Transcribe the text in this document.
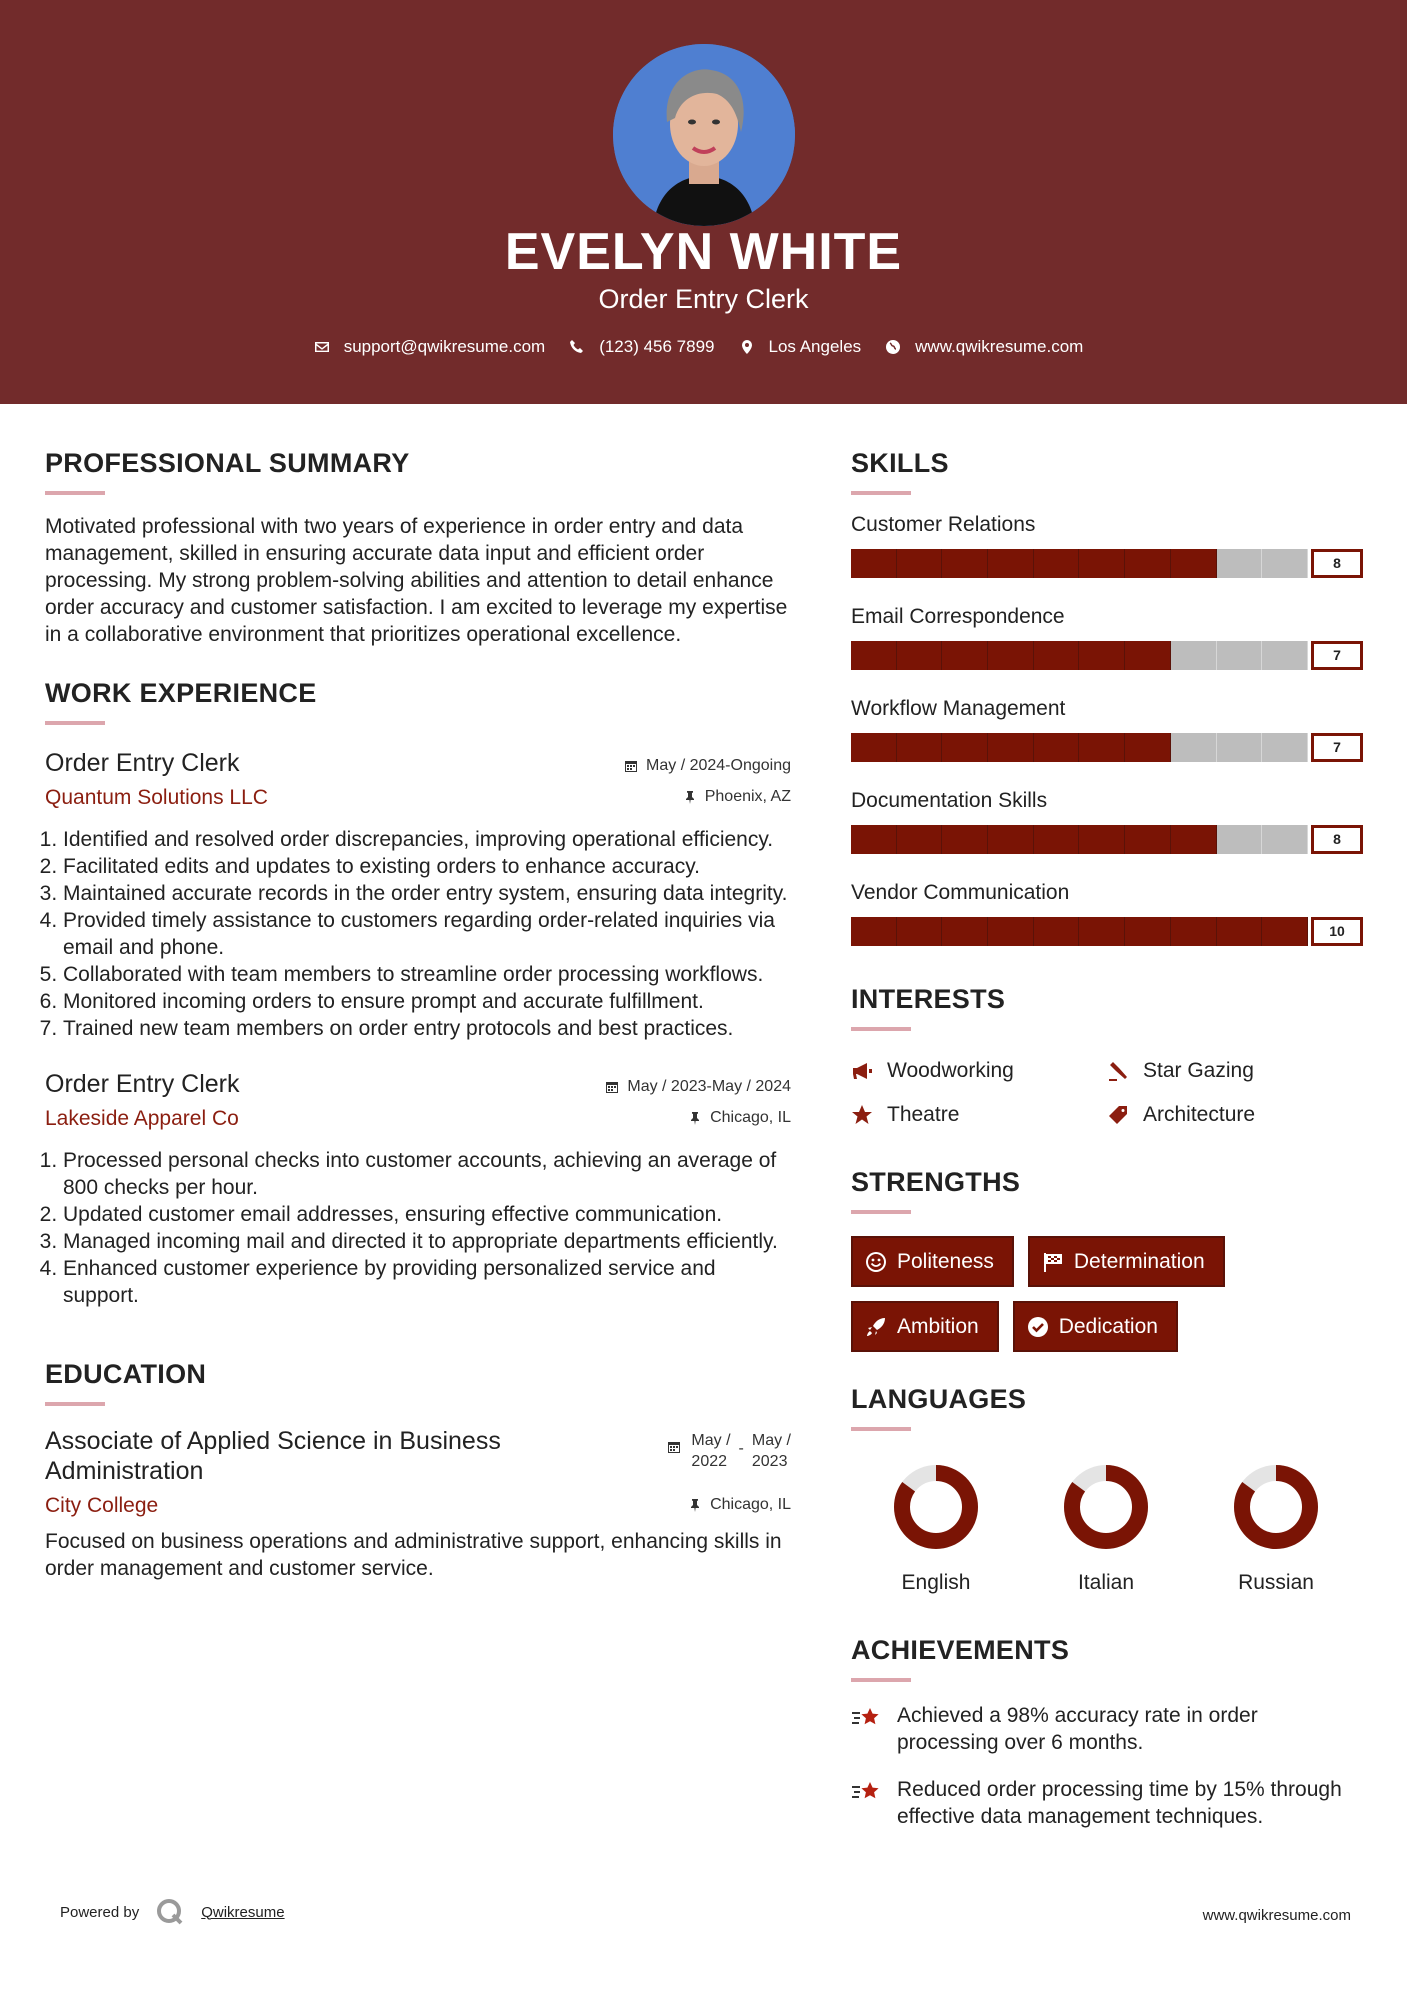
EVELYN WHITE
Order Entry Clerk
support@qwikresume.com	(123) 456 7899	Los Angeles	www.qwikresume.com
PROFESSIONAL SUMMARY

Motivated professional with two years of experience in order entry and data management, skilled in ensuring accurate data input and efficient order processing. My strong problem-solving abilities and attention to detail enhance order accuracy and customer satisfaction. I am excited to leverage my expertise in a collaborative environment that prioritizes operational excellence.

WORK EXPERIENCE
Order Entry Clerk	May / 2024-Ongoing
Quantum Solutions LLC	Phoenix, AZ
1. Identified and resolved order discrepancies, improving operational efficiency.
2. Facilitated edits and updates to existing orders to enhance accuracy.
3. Maintained accurate records in the order entry system, ensuring data integrity.
4. Provided timely assistance to customers regarding order-related inquiries via email and phone.
5. Collaborated with team members to streamline order processing workflows.
6. Monitored incoming orders to ensure prompt and accurate fulfillment.
7. Trained new team members on order entry protocols and best practices.
Order Entry Clerk	May / 2023-May / 2024
Lakeside Apparel Co	Chicago, IL
1. Processed personal checks into customer accounts, achieving an average of 800 checks per hour.
2. Updated customer email addresses, ensuring effective communication.
3. Managed incoming mail and directed it to appropriate departments efficiently.
4. Enhanced customer experience by providing personalized service and support.
EDUCATION
Associate of Applied Science in Business Administration
May /
2022
- May /
2023
City College	Chicago, IL

Focused on business operations and administrative support, enhancing skills in order management and customer service.

SKILLS
Customer Relations
8
Email Correspondence
7
Workflow Management
7
Documentation Skills
8
Vendor Communication
10
INTERESTS
Woodworking	Star Gazing
Theatre	Architecture
STRENGTHS
Politeness	Determination
Ambition	Dedication
LANGUAGES
English	Italian	Russian
ACHIEVEMENTS
Achieved a 98% accuracy rate in order processing over 6 months.
Reduced order processing time by 15% through effective data management techniques.
Powered by	Qwikresume	www.qwikresume.com
